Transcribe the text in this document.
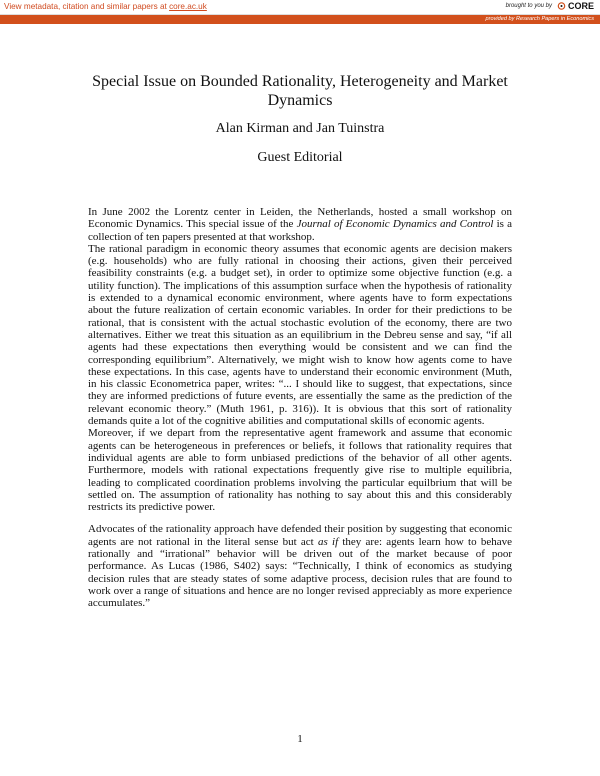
View metadata, citation and similar papers at core.ac.uk	brought to you by CORE
provided by Research Papers in Economics
Special Issue on Bounded Rationality, Heterogeneity and Market Dynamics
Alan Kirman and Jan Tuinstra
Guest Editorial

In June 2002 the Lorentz center in Leiden, the Netherlands, hosted a small workshop on Economic Dynamics. This special issue of the Journal of Economic Dynamics and Control is a collection of ten papers presented at that workshop.

The rational paradigm in economic theory assumes that economic agents are decision makers (e.g. households) who are fully rational in choosing their actions, given their perceived feasibility constraints (e.g. a budget set), in order to optimize some objective function (e.g. a utility function). The implications of this assumption surface when the hypothesis of rationality is extended to a dynamical economic environment, where agents have to form expectations about the future realization of certain economic variables. In order for their predictions to be rational, that is consistent with the actual stochastic evolution of the economy, there are two alternatives. Either we treat this situation as an equilibrium in the Debreu sense and say, “if all agents had these expectations then everything would be consistent and we can find the corresponding equilibrium”. Alternatively, we might wish to know how agents come to have these expectations. In this case, agents have to understand their economic environment (Muth, in his classic Econometrica paper, writes: “... I should like to suggest, that expectations, since they are informed predictions of future events, are essentially the same as the prediction of the relevant economic theory.” (Muth 1961, p. 316)). It is obvious that this sort of rationality demands quite a lot of the cognitive abilities and computational skills of economic agents.

Moreover, if we depart from the representative agent framework and assume that economic agents can be heterogeneous in preferences or beliefs, it follows that rationality requires that individual agents are able to form unbiased predictions of the behavior of all other agents. Furthermore, models with rational expectations frequently give rise to multiple equilibria, leading to complicated coordination problems involving the particular equilbrium that will be settled on. The assumption of rationality has nothing to say about this and this considerably restricts its predictive power.

Advocates of the rationality approach have defended their position by suggesting that economic agents are not rational in the literal sense but act as if they are: agents learn how to behave rationally and “irrational” behavior will be driven out of the market because of poor performance. As Lucas (1986, S402) says: “Technically, I think of economics as studying decision rules that are steady states of some adaptive process, decision rules that are found to work over a range of situations and hence are no longer revised appreciably as more experience accumulates.”

1
